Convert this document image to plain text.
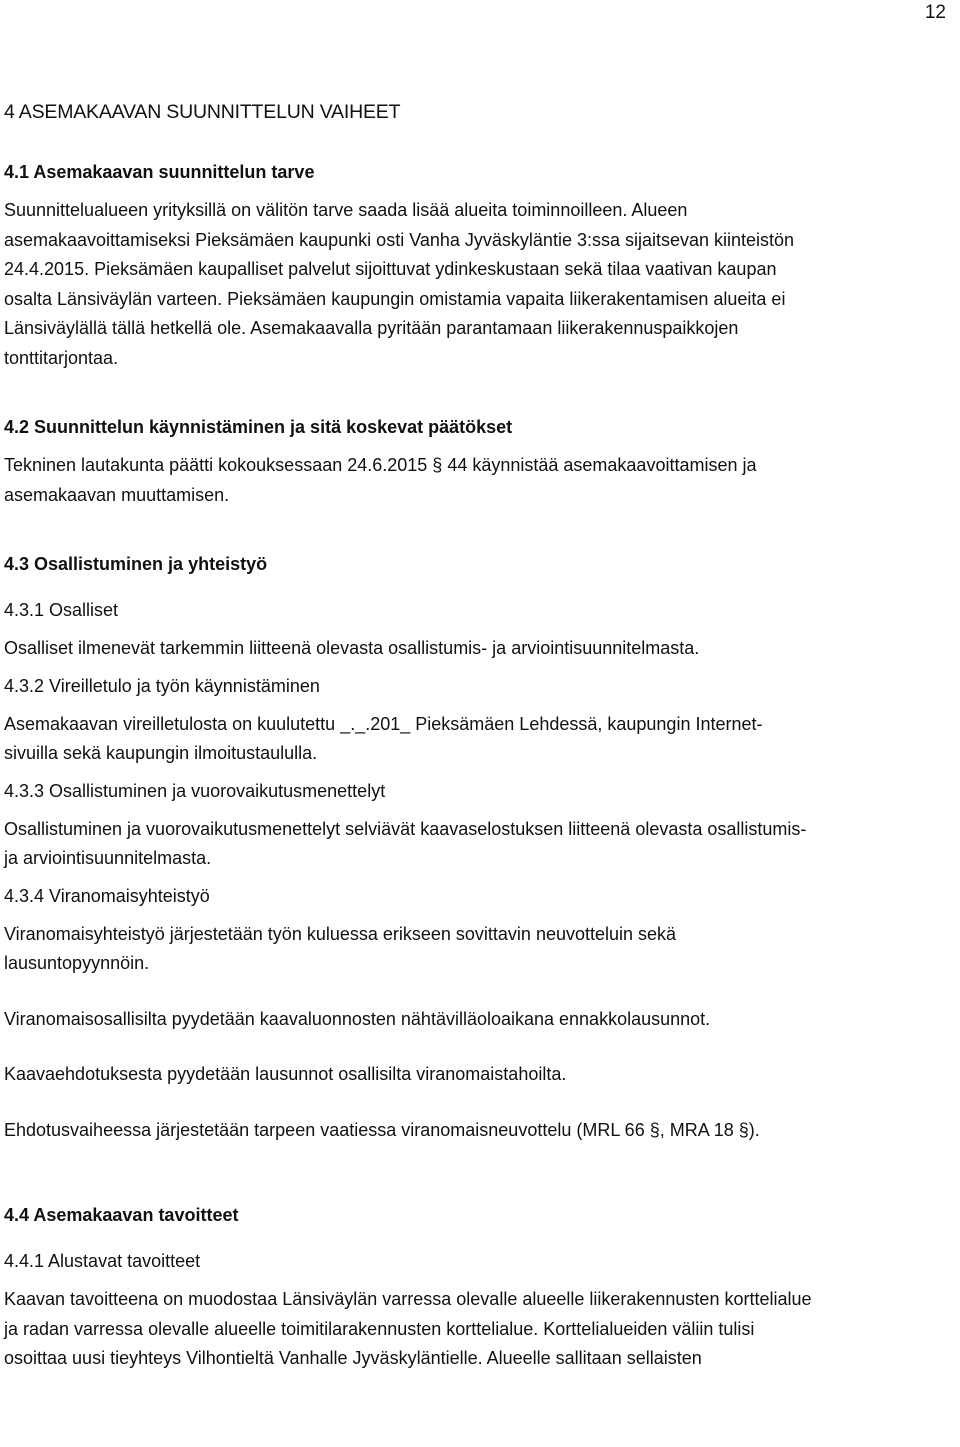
12
4 ASEMAKAAVAN SUUNNITTELUN VAIHEET
4.1 Asemakaavan suunnittelun tarve
Suunnittelualueen yrityksillä on välitön tarve saada lisää alueita toiminnoilleen. Alueen
asemakaavoittamiseksi Pieksämäen kaupunki osti Vanha Jyväskyläntie 3:ssa sijaitsevan kiinteistön
24.4.2015. Pieksämäen kaupalliset palvelut sijoittuvat ydinkeskustaan sekä tilaa vaativan kaupan
osalta Länsiväylän varteen. Pieksämäen kaupungin omistamia vapaita liikerakentamisen alueita ei
Länsiväylällä tällä hetkellä ole. Asemakaavalla pyritään parantamaan liikerakennuspaikkojen
tonttitarjontaa.
4.2 Suunnittelun käynnistäminen ja sitä koskevat päätökset
Tekninen lautakunta päätti kokouksessaan 24.6.2015 § 44 käynnistää asemakaavoittamisen ja
asemakaavan muuttamisen.
4.3 Osallistuminen ja yhteistyö
4.3.1 Osalliset
Osalliset ilmenevät tarkemmin liitteenä olevasta osallistumis- ja arviointisuunnitelmasta.
4.3.2 Vireilletulo ja työn käynnistäminen
Asemakaavan vireilletulosta on kuulutettu _._.201_ Pieksämäen Lehdessä, kaupungin Internet-
sivuilla sekä kaupungin ilmoitustaululla.
4.3.3 Osallistuminen ja vuorovaikutusmenettelyt
Osallistuminen ja vuorovaikutusmenettelyt selviävät kaavaselostuksen liitteenä olevasta osallistumis-
ja arviointisuunnitelmasta.
4.3.4 Viranomaisyhteistyö
Viranomaisyhteistyö järjestetään työn kuluessa erikseen sovittavin neuvotteluin sekä
lausuntopyynnöin.
Viranomaisosallisilta pyydetään kaavaluonnosten nähtävilläoloaikana ennakkolausunnot.
Kaavaehdotuksesta pyydetään lausunnot osallisilta viranomaistahoilta.
Ehdotusvaiheessa järjestetään tarpeen vaatiessa viranomaisneuvottelu (MRL 66 §, MRA 18 §).
4.4 Asemakaavan tavoitteet
4.4.1 Alustavat tavoitteet
Kaavan tavoitteena on muodostaa Länsiväylän varressa olevalle alueelle liikerakennusten korttelialue
ja radan varressa olevalle alueelle toimitilarakennusten korttelialue. Korttelialueiden väliin tulisi
osoittaa uusi tieyhteys Vilhontieltä Vanhalle Jyväskyläntielle. Alueelle sallitaan sellaisten
